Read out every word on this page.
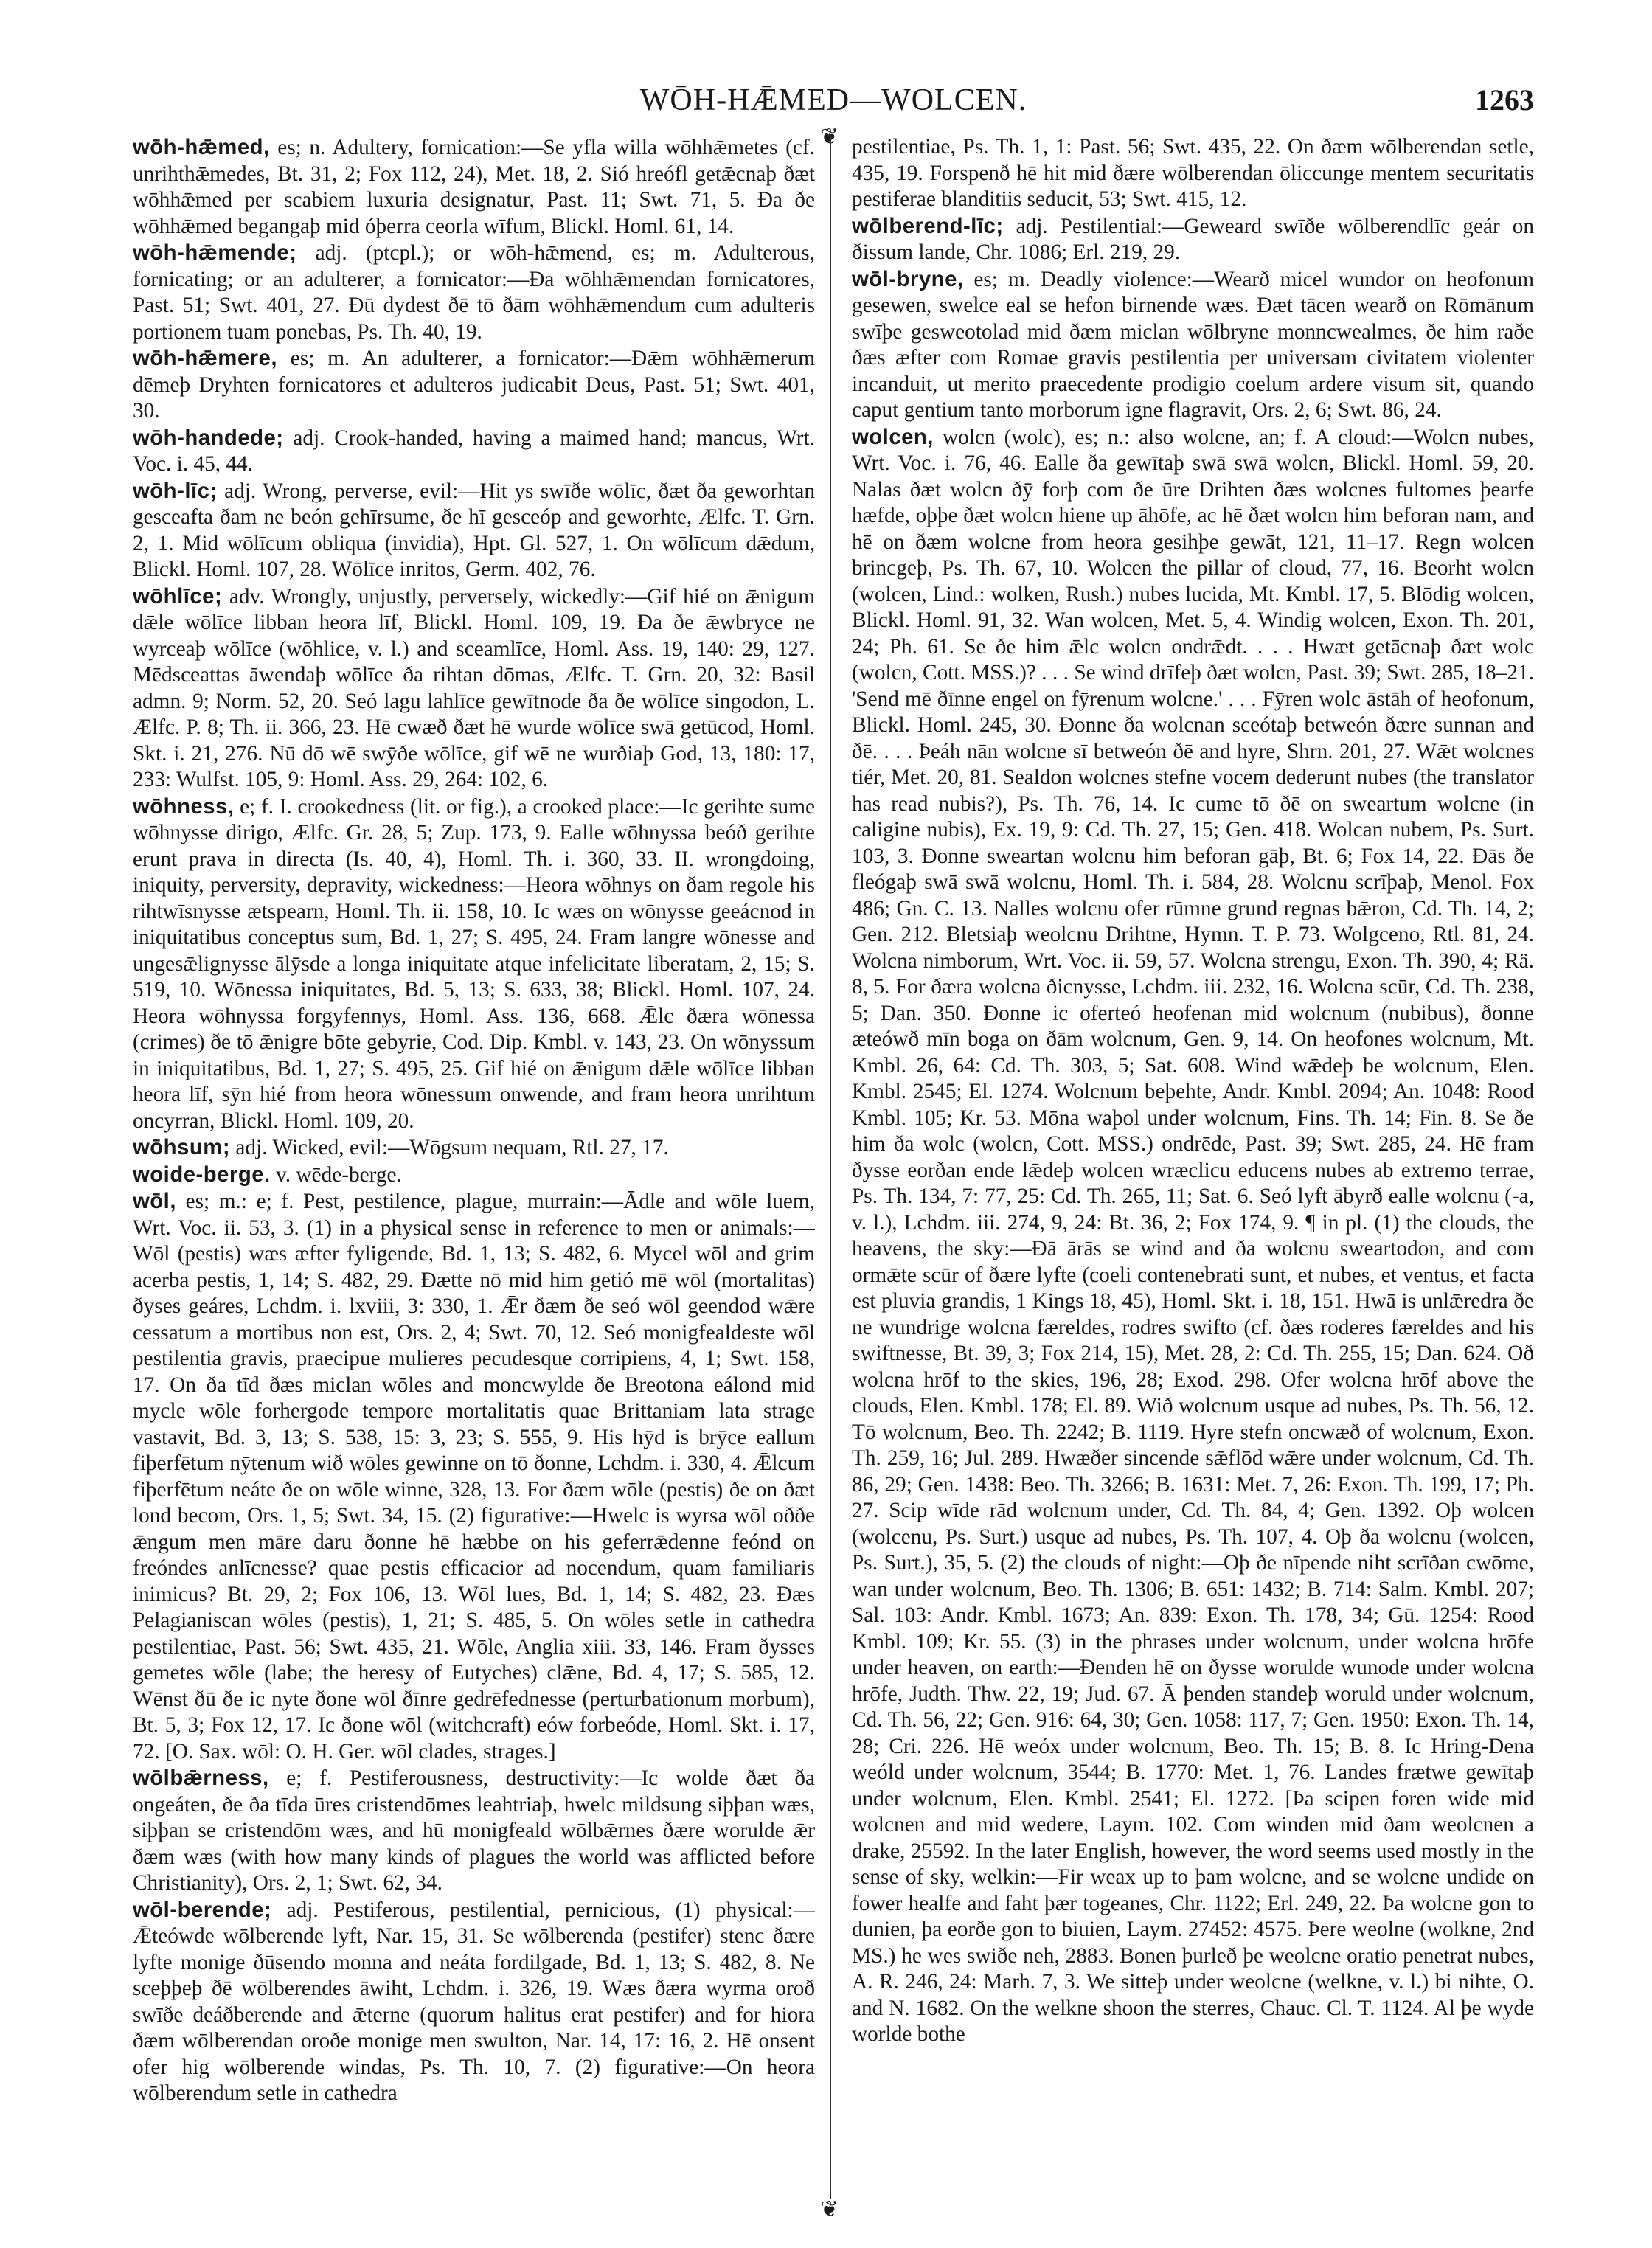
WŌH-HǢMED—WOLCEN.	1263
❦
❦

wōh-hǣmed, es; n. Adultery, fornication:—Se yfla willa wōhhǣmetes (cf. unrihthǣmedes, Bt. 31, 2; Fox 112, 24), Met. 18, 2. Sió hreófl getǣcnaþ ðæt wōhhǣmed per scabiem luxuria designatur, Past. 11; Swt. 71, 5. Ða ðe wōhhǣmed begangaþ mid óþerra ceorla wīfum, Blickl. Homl. 61, 14.

wōh-hǣmende; adj. (ptcpl.); or wōh-hǣmend, es; m. Adulterous, fornicating; or an adulterer, a fornicator:—Ða wōhhǣmendan fornicatores, Past. 51; Swt. 401, 27. Ðū dydest ðē tō ðām wōhhǣmendum cum adulteris portionem tuam ponebas, Ps. Th. 40, 19.

wōh-hǣmere, es; m. An adulterer, a fornicator:—Ðǣm wōhhǣmerum dēmeþ Dryhten fornicatores et adulteros judicabit Deus, Past. 51; Swt. 401, 30.

wōh-handede; adj. Crook-handed, having a maimed hand; mancus, Wrt. Voc. i. 45, 44.

wōh-līc; adj. Wrong, perverse, evil:—Hit ys swīðe wōlīc, ðæt ða geworhtan gesceafta ðam ne beón gehīrsume, ðe hī gesceóp and geworhte, Ælfc. T. Grn. 2, 1. Mid wōlīcum obliqua (invidia), Hpt. Gl. 527, 1. On wōlīcum dǣdum, Blickl. Homl. 107, 28. Wōlīce inritos, Germ. 402, 76.

wōhlīce; adv. Wrongly, unjustly, perversely, wickedly:—Gif hié on ǣnigum dǣle wōlīce libban heora līf, Blickl. Homl. 109, 19. Ða ðe ǣwbryce ne wyrceaþ wōlīce (wōhlice, v. l.) and sceamlīce, Homl. Ass. 19, 140: 29, 127. Mēdsceattas āwendaþ wōlīce ða rihtan dōmas, Ælfc. T. Grn. 20, 32: Basil admn. 9; Norm. 52, 20. Seó lagu lahlīce gewītnode ða ðe wōlīce singodon, L. Ælfc. P. 8; Th. ii. 366, 23. Hē cwæð ðæt hē wurde wōlīce swā getūcod, Homl. Skt. i. 21, 276. Nū dō wē swȳðe wōlīce, gif wē ne wurðiaþ God, 13, 180: 17, 233: Wulfst. 105, 9: Homl. Ass. 29, 264: 102, 6.

wōhness, e; f. I. crookedness (lit. or fig.), a crooked place:—Ic gerihte sume wōhnysse dirigo, Ælfc. Gr. 28, 5; Zup. 173, 9. Ealle wōhnyssa beóð gerihte erunt prava in directa (Is. 40, 4), Homl. Th. i. 360, 33. II. wrongdoing, iniquity, perversity, depravity, wickedness:—Heora wōhnys on ðam regole his rihtwīsnysse ætspearn, Homl. Th. ii. 158, 10. Ic wæs on wōnysse geeácnod in iniquitatibus conceptus sum, Bd. 1, 27; S. 495, 24. Fram langre wōnesse and ungesǣlignysse ālȳsde a longa iniquitate atque infelicitate liberatam, 2, 15; S. 519, 10. Wōnessa iniquitates, Bd. 5, 13; S. 633, 38; Blickl. Homl. 107, 24. Heora wōhnyssa forgyfennys, Homl. Ass. 136, 668. Ǣlc ðæra wōnessa (crimes) ðe tō ǣnigre bōte gebyrie, Cod. Dip. Kmbl. v. 143, 23. On wōnyssum in iniquitatibus, Bd. 1, 27; S. 495, 25. Gif hié on ǣnigum dǣle wōlīce libban heora līf, sȳn hié from heora wōnessum onwende, and fram heora unrihtum oncyrran, Blickl. Homl. 109, 20.

wōhsum; adj. Wicked, evil:—Wōgsum nequam, Rtl. 27, 17.

woide-berge. v. wēde-berge.

wōl, es; m.: e; f. Pest, pestilence, plague, murrain:—Ādle and wōle luem, Wrt. Voc. ii. 53, 3. (1) in a physical sense in reference to men or animals:—Wōl (pestis) wæs æfter fyligende, Bd. 1, 13; S. 482, 6. Mycel wōl and grim acerba pestis, 1, 14; S. 482, 29. Ðætte nō mid him getió mē wōl (mortalitas) ðyses geáres, Lchdm. i. lxviii, 3: 330, 1. Ǣr ðæm ðe seó wōl geendod wǣre cessatum a mortibus non est, Ors. 2, 4; Swt. 70, 12. Seó monigfealdeste wōl pestilentia gravis, praecipue mulieres pecudesque corripiens, 4, 1; Swt. 158, 17. On ða tīd ðæs miclan wōles and moncwylde ðe Breotona eálond mid mycle wōle forhergode tempore mortalitatis quae Brittaniam lata strage vastavit, Bd. 3, 13; S. 538, 15: 3, 23; S. 555, 9. His hȳd is brȳce eallum fiþerfētum nȳtenum wið wōles gewinne on tō ðonne, Lchdm. i. 330, 4. Ǣlcum fiþerfētum neáte ðe on wōle winne, 328, 13. For ðæm wōle (pestis) ðe on ðæt lond becom, Ors. 1, 5; Swt. 34, 15. (2) figurative:—Hwelc is wyrsa wōl oððe ǣngum men māre daru ðonne hē hæbbe on his geferrǣdenne feónd on freóndes anlīcnesse? quae pestis efficacior ad nocendum, quam familiaris inimicus? Bt. 29, 2; Fox 106, 13. Wōl lues, Bd. 1, 14; S. 482, 23. Ðæs Pelagianiscan wōles (pestis), 1, 21; S. 485, 5. On wōles setle in cathedra pestilentiae, Past. 56; Swt. 435, 21. Wōle, Anglia xiii. 33, 146. Fram ðysses gemetes wōle (labe; the heresy of Eutyches) clǣne, Bd. 4, 17; S. 585, 12. Wēnst ðū ðe ic nyte ðone wōl ðīnre gedrēfednesse (perturbationum morbum), Bt. 5, 3; Fox 12, 17. Ic ðone wōl (witchcraft) eów forbeóde, Homl. Skt. i. 17, 72. [O. Sax. wōl: O. H. Ger. wōl clades, strages.]

wōlbǣrness, e; f. Pestiferousness, destructivity:—Ic wolde ðæt ða ongeáten, ðe ða tīda ūres cristendōmes leahtriaþ, hwelc mildsung siþþan wæs, siþþan se cristendōm wæs, and hū monigfeald wōlbǣrnes ðære worulde ǣr ðæm wæs (with how many kinds of plagues the world was afflicted before Christianity), Ors. 2, 1; Swt. 62, 34.

wōl-berende; adj. Pestiferous, pestilential, pernicious, (1) physical:—Ǣteówde wōlberende lyft, Nar. 15, 31. Se wōlberenda (pestifer) stenc ðære lyfte monige ðūsendo monna and neáta fordilgade, Bd. 1, 13; S. 482, 8. Ne sceþþeþ ðē wōlberendes āwiht, Lchdm. i. 326, 19. Wæs ðæra wyrma oroð swīðe deáðberende and ǣterne (quorum halitus erat pestifer) and for hiora ðæm wōlberendan oroðe monige men swulton, Nar. 14, 17: 16, 2. Hē onsent ofer hig wōlberende windas, Ps. Th. 10, 7. (2) figurative:—On heora wōlberendum setle in cathedra

pestilentiae, Ps. Th. 1, 1: Past. 56; Swt. 435, 22. On ðæm wōlberendan setle, 435, 19. Forspenð hē hit mid ðære wōlberendan ōliccunge mentem securitatis pestiferae blanditiis seducit, 53; Swt. 415, 12.

wōlberend-līc; adj. Pestilential:—Geweard swīðe wōlberendlīc geár on ðissum lande, Chr. 1086; Erl. 219, 29.

wōl-bryne, es; m. Deadly violence:—Wearð micel wundor on heofonum gesewen, swelce eal se hefon birnende wæs. Ðæt tācen wearð on Rōmānum swīþe gesweotolad mid ðæm miclan wōlbryne monncwealmes, ðe him raðe ðæs æfter com Romae gravis pestilentia per universam civitatem violenter incanduit, ut merito praecedente prodigio coelum ardere visum sit, quando caput gentium tanto morborum igne flagravit, Ors. 2, 6; Swt. 86, 24.

wolcen, wolcn (wolc), es; n.: also wolcne, an; f. A cloud:—Wolcn nubes, Wrt. Voc. i. 76, 46. Ealle ða gewītaþ swā swā wolcn, Blickl. Homl. 59, 20. Nalas ðæt wolcn ðȳ forþ com ðe ūre Drihten ðæs wolcnes fultomes þearfe hæfde, oþþe ðæt wolcn hiene up āhōfe, ac hē ðæt wolcn him beforan nam, and hē on ðæm wolcne from heora gesihþe gewāt, 121, 11–17. Regn wolcen brincgeþ, Ps. Th. 67, 10. Wolcen the pillar of cloud, 77, 16. Beorht wolcn (wolcen, Lind.: wolken, Rush.) nubes lucida, Mt. Kmbl. 17, 5. Blōdig wolcen, Blickl. Homl. 91, 32. Wan wolcen, Met. 5, 4. Windig wolcen, Exon. Th. 201, 24; Ph. 61. Se ðe him ǣlc wolcn ondrǣdt. . . . Hwæt getācnaþ ðæt wolc (wolcn, Cott. MSS.)? . . . Se wind drīfeþ ðæt wolcn, Past. 39; Swt. 285, 18–21. 'Send mē ðīnne engel on fȳrenum wolcne.' . . . Fȳren wolc āstāh of heofonum, Blickl. Homl. 245, 30. Ðonne ða wolcnan sceótaþ betweón ðære sunnan and ðē. . . . Þeáh nān wolcne sī betweón ðē and hyre, Shrn. 201, 27. Wǣt wolcnes tiér, Met. 20, 81. Sealdon wolcnes stefne vocem dederunt nubes (the translator has read nubis?), Ps. Th. 76, 14. Ic cume tō ðē on sweartum wolcne (in caligine nubis), Ex. 19, 9: Cd. Th. 27, 15; Gen. 418. Wolcan nubem, Ps. Surt. 103, 3. Ðonne sweartan wolcnu him beforan gāþ, Bt. 6; Fox 14, 22. Ðās ðe fleógaþ swā swā wolcnu, Homl. Th. i. 584, 28. Wolcnu scrīþaþ, Menol. Fox 486; Gn. C. 13. Nalles wolcnu ofer rūmne grund regnas bǣron, Cd. Th. 14, 2; Gen. 212. Bletsiaþ weolcnu Drihtne, Hymn. T. P. 73. Wolgceno, Rtl. 81, 24. Wolcna nimborum, Wrt. Voc. ii. 59, 57. Wolcna strengu, Exon. Th. 390, 4; Rä. 8, 5. For ðæra wolcna ðicnysse, Lchdm. iii. 232, 16. Wolcna scūr, Cd. Th. 238, 5; Dan. 350. Ðonne ic oferteó heofenan mid wolcnum (nubibus), ðonne æteówð mīn boga on ðām wolcnum, Gen. 9, 14. On heofones wolcnum, Mt. Kmbl. 26, 64: Cd. Th. 303, 5; Sat. 608. Wind wǣdeþ be wolcnum, Elen. Kmbl. 2545; El. 1274. Wolcnum beþehte, Andr. Kmbl. 2094; An. 1048: Rood Kmbl. 105; Kr. 53. Mōna waþol under wolcnum, Fins. Th. 14; Fin. 8. Se ðe him ða wolc (wolcn, Cott. MSS.) ondrēde, Past. 39; Swt. 285, 24. Hē fram ðysse eorðan ende lǣdeþ wolcen wræclicu educens nubes ab extremo terrae, Ps. Th. 134, 7: 77, 25: Cd. Th. 265, 11; Sat. 6. Seó lyft ābyrð ealle wolcnu (-a, v. l.), Lchdm. iii. 274, 9, 24: Bt. 36, 2; Fox 174, 9. ¶ in pl. (1) the clouds, the heavens, the sky:—Ðā ārās se wind and ða wolcnu sweartodon, and com ormǣte scūr of ðære lyfte (coeli contenebrati sunt, et nubes, et ventus, et facta est pluvia grandis, 1 Kings 18, 45), Homl. Skt. i. 18, 151. Hwā is unlǣredra ðe ne wundrige wolcna færeldes, rodres swifto (cf. ðæs roderes færeldes and his swiftnesse, Bt. 39, 3; Fox 214, 15), Met. 28, 2: Cd. Th. 255, 15; Dan. 624. Oð wolcna hrōf to the skies, 196, 28; Exod. 298. Ofer wolcna hrōf above the clouds, Elen. Kmbl. 178; El. 89. Wið wolcnum usque ad nubes, Ps. Th. 56, 12. Tō wolcnum, Beo. Th. 2242; B. 1119. Hyre stefn oncwæð of wolcnum, Exon. Th. 259, 16; Jul. 289. Hwæðer sincende sǣflōd wǣre under wolcnum, Cd. Th. 86, 29; Gen. 1438: Beo. Th. 3266; B. 1631: Met. 7, 26: Exon. Th. 199, 17; Ph. 27. Scip wīde rād wolcnum under, Cd. Th. 84, 4; Gen. 1392. Oþ wolcen (wolcenu, Ps. Surt.) usque ad nubes, Ps. Th. 107, 4. Oþ ða wolcnu (wolcen, Ps. Surt.), 35, 5. (2) the clouds of night:—Oþ ðe nīpende niht scrīðan cwōme, wan under wolcnum, Beo. Th. 1306; B. 651: 1432; B. 714: Salm. Kmbl. 207; Sal. 103: Andr. Kmbl. 1673; An. 839: Exon. Th. 178, 34; Gū. 1254: Rood Kmbl. 109; Kr. 55. (3) in the phrases under wolcnum, under wolcna hrōfe under heaven, on earth:—Ðenden hē on ðysse worulde wunode under wolcna hrōfe, Judth. Thw. 22, 19; Jud. 67. Ā þenden standeþ woruld under wolcnum, Cd. Th. 56, 22; Gen. 916: 64, 30; Gen. 1058: 117, 7; Gen. 1950: Exon. Th. 14, 28; Cri. 226. Hē weóx under wolcnum, Beo. Th. 15; B. 8. Ic Hring-Dena weóld under wolcnum, 3544; B. 1770: Met. 1, 76. Landes frætwe gewītaþ under wolcnum, Elen. Kmbl. 2541; El. 1272. [Þa scipen foren wide mid wolcnen and mid wedere, Laym. 102. Com winden mid ðam weolcnen a drake, 25592. In the later English, however, the word seems used mostly in the sense of sky, welkin:—Fir weax up to þam wolcne, and se wolcne undide on fower healfe and faht þær togeanes, Chr. 1122; Erl. 249, 22. Þa wolcne gon to dunien, þa eorðe gon to biuien, Laym. 27452: 4575. Þere weolne (wolkne, 2nd MS.) he wes swiðe neh, 2883. Bonen þurleð þe weolcne oratio penetrat nubes, A. R. 246, 24: Marh. 7, 3. We sitteþ under weolcne (welkne, v. l.) bi nihte, O. and N. 1682. On the welkne shoon the sterres, Chauc. Cl. T. 1124. Al þe wyde worlde bothe
